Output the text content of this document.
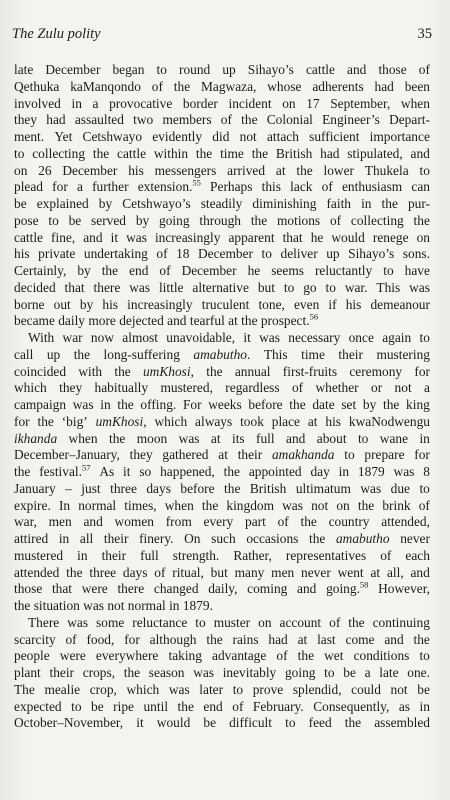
The Zulu polity	35
late December began to round up Sihayo’s cattle and those of
Qethuka kaManqondo of the Magwaza, whose adherents had been
involved in a provocative border incident on 17 September, when
they had assaulted two members of the Colonial Engineer’s Depart-
ment. Yet Cetshwayo evidently did not attach sufficient importance
to collecting the cattle within the time the British had stipulated, and
on 26 December his messengers arrived at the lower Thukela to
plead for a further extension.$^{55}$ Perhaps this lack of enthusiasm can
be explained by Cetshwayo’s steadily diminishing faith in the pur-
pose to be served by going through the motions of collecting the
cattle fine, and it was increasingly apparent that he would renege on
his private undertaking of 18 December to deliver up Sihayo’s sons.
Certainly, by the end of December he seems reluctantly to have
decided that there was little alternative but to go to war. This was
borne out by his increasingly truculent tone, even if his demeanour
became daily more dejected and tearful at the prospect.$^{56}$
With war now almost unavoidable, it was necessary once again to
call up the long-suffering amabutho. This time their mustering
coincided with the umKhosi, the annual first-fruits ceremony for
which they habitually mustered, regardless of whether or not a
campaign was in the offing. For weeks before the date set by the king
for the ‘big’ umKhosi, which always took place at his kwaNodwengu
ikhanda when the moon was at its full and about to wane in
December–January, they gathered at their amakhanda to prepare for
the festival.$^{57}$ As it so happened, the appointed day in 1879 was 8
January – just three days before the British ultimatum was due to
expire. In normal times, when the kingdom was not on the brink of
war, men and women from every part of the country attended,
attired in all their finery. On such occasions the amabutho never
mustered in their full strength. Rather, representatives of each
attended the three days of ritual, but many men never went at all, and
those that were there changed daily, coming and going.$^{58}$ However,
the situation was not normal in 1879.
There was some reluctance to muster on account of the continuing
scarcity of food, for although the rains had at last come and the
people were everywhere taking advantage of the wet conditions to
plant their crops, the season was inevitably going to be a late one.
The mealie crop, which was later to prove splendid, could not be
expected to be ripe until the end of February. Consequently, as in
October–November, it would be difficult to feed the assembled
